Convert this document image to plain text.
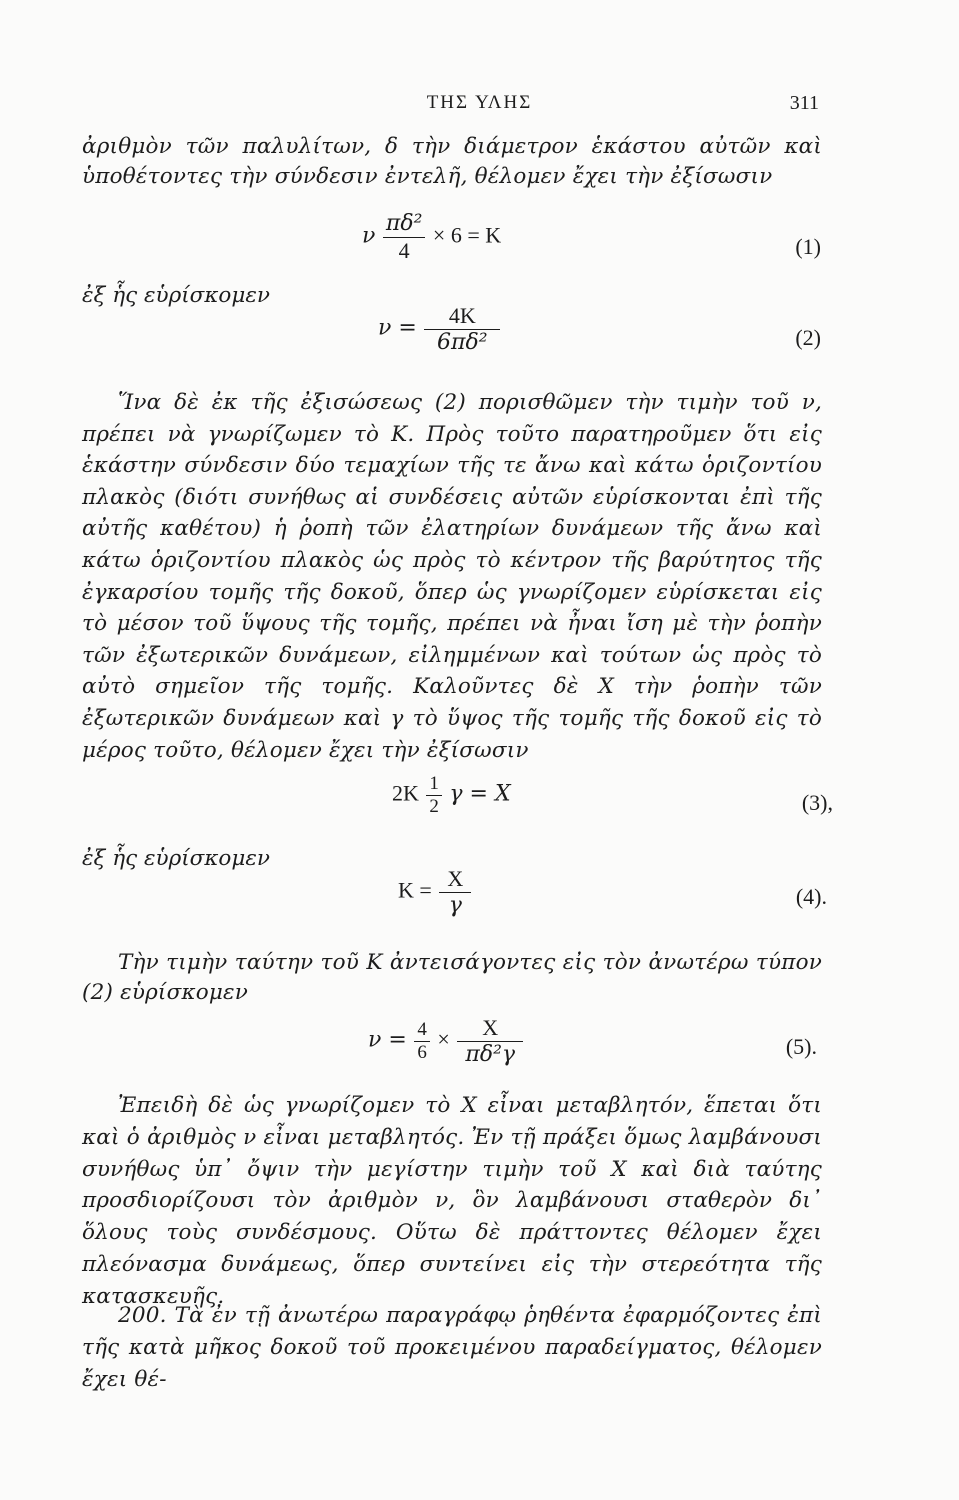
ΤΗΣ ΥΛΗΣ	311
ἀριθμὸν τῶν παλυλίτων, δ τὴν διάμετρον ἑκάστου αὐτῶν καὶ ὑποθέτοντες τὴν σύνδεσιν ἐντελῆ, θέλομεν ἔχει τὴν ἐξίσωσιν
ν $\frac{\text{πδ²}}{4} \times 6 = K$	(1)
ἐξ ἧς εὑρίσκομεν
$\nu = \frac{4K}{\text{6πδ²}}$	(2)
Ἵνα δὲ ἐκ τῆς ἐξισώσεως (2) πορισθῶμεν τὴν τιμὴν τοῦ ν, πρέπει νὰ γνωρίζωμεν τὸ Κ. Πρὸς τοῦτο παρατηροῦμεν ὅτι εἰς ἑκάστην σύνδεσιν δύο τεμαχίων τῆς τε ἄνω καὶ κάτω ὁριζοντίου πλακὸς (διότι συνήθως αἱ συνδέσεις αὐτῶν εὑρίσκονται ἐπὶ τῆς αὐτῆς καθέτου) ἡ ῥοπὴ τῶν ἐλατηρίων δυνάμεων τῆς ἄνω καὶ κάτω ὁριζοντίου πλακὸς ὡς πρὸς τὸ κέντρον τῆς βαρύτητος τῆς ἐγκαρσίου τομῆς τῆς δοκοῦ, ὅπερ ὡς γνωρίζομεν εὑρίσκεται εἰς τὸ μέσον τοῦ ὕψους τῆς τομῆς, πρέπει νὰ ἦναι ἴση μὲ τὴν ῥοπὴν τῶν ἐξωτερικῶν δυνάμεων, εἰλημμένων καὶ τούτων ὡς πρὸς τὸ αὐτὸ σημεῖον τῆς τομῆς. Καλοῦντες δὲ Χ τὴν ῥοπὴν τῶν ἐξωτερικῶν δυνάμεων καὶ γ τὸ ὕψος τῆς τομῆς τῆς δοκοῦ εἰς τὸ μέρος τοῦτο, θέλομεν ἔχει τὴν ἐξίσωσιν
$2K \frac{1}{2}$ γ = Χ	(3),
ἐξ ἧς εὑρίσκομεν
$K = \frac{X}{\gamma}$	(4).
Τὴν τιμὴν ταύτην τοῦ Κ ἀντεισάγοντες εἰς τὸν ἀνωτέρω τύπον (2) εὑρίσκομεν
$\nu = \frac{4}{6} \times \frac{X}{\text{πδ²γ}}$	(5).
Ἐπειδὴ δὲ ὡς γνωρίζομεν τὸ Χ εἶναι μεταβλητόν, ἕπεται ὅτι καὶ ὁ ἀριθμὸς ν εἶναι μεταβλητός. Ἐν τῇ πράξει ὅμως λαμβάνουσι συνήθως ὑπ᾽ ὄψιν τὴν μεγίστην τιμὴν τοῦ Χ καὶ διὰ ταύτης προσδιορίζουσι τὸν ἀριθμὸν ν, ὃν λαμβάνουσι σταθερὸν δι᾽ ὅλους τοὺς συνδέσμους. Οὕτω δὲ πράττοντες θέλομεν ἔχει πλεόνασμα δυνάμεως, ὅπερ συντείνει εἰς τὴν στερεότητα τῆς κατασκευῆς.
200. Τὰ ἐν τῇ ἀνωτέρω παραγράφῳ ῥηθέντα ἐφαρμόζοντες ἐπὶ τῆς κατὰ μῆκος δοκοῦ τοῦ προκειμένου παραδείγματος, θέλομεν ἔχει θέ-
